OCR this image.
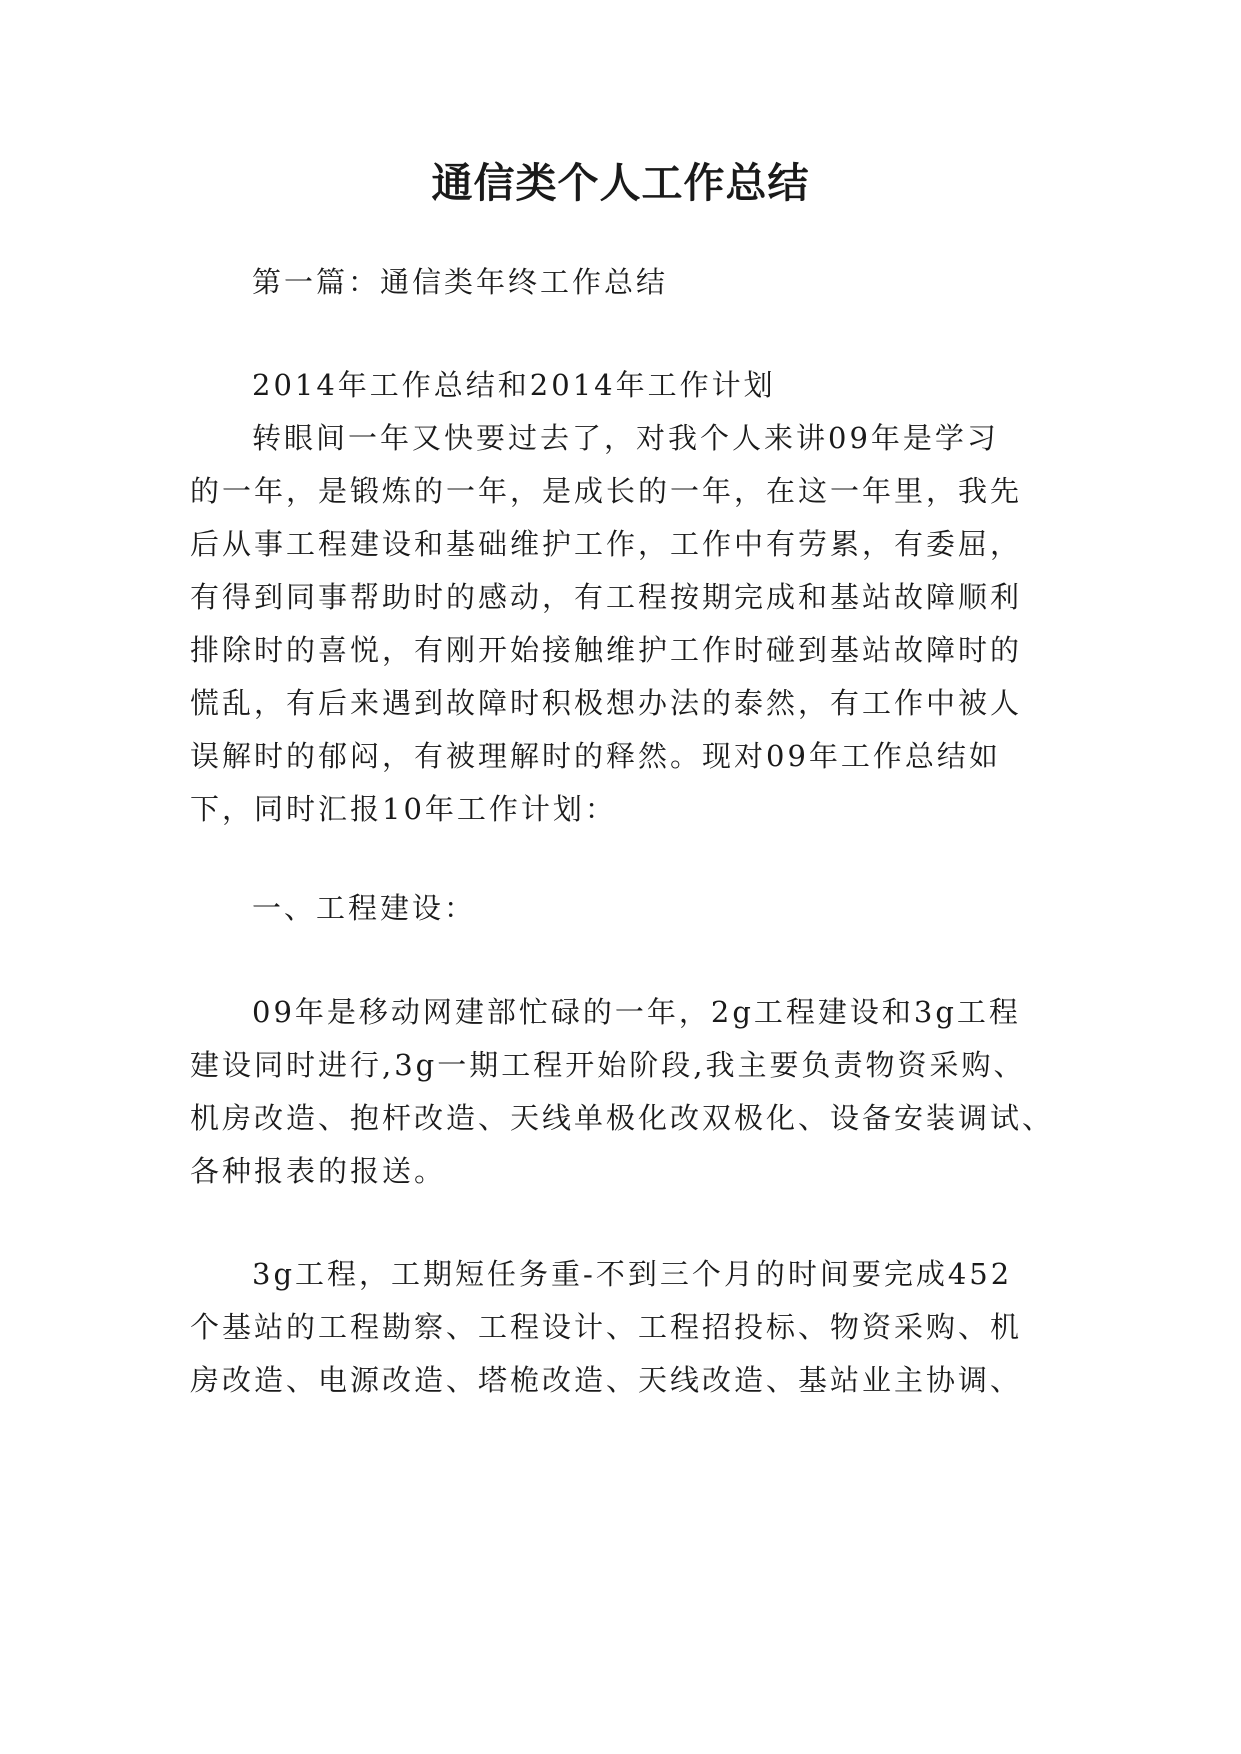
通信类个人工作总结

第一篇：通信类年终工作总结

2014年工作总结和2014年工作计划

转眼间一年又快要过去了，对我个人来讲09年是学习
的一年，是锻炼的一年，是成长的一年，在这一年里，我先
后从事工程建设和基础维护工作，工作中有劳累，有委屈，
有得到同事帮助时的感动，有工程按期完成和基站故障顺利
排除时的喜悦，有刚开始接触维护工作时碰到基站故障时的
慌乱，有后来遇到故障时积极想办法的泰然，有工作中被人
误解时的郁闷，有被理解时的释然。现对09年工作总结如
下，同时汇报10年工作计划：

一、工程建设：

09年是移动网建部忙碌的一年，2g工程建设和3g工程
建设同时进行,3g一期工程开始阶段,我主要负责物资采购、
机房改造、抱杆改造、天线单极化改双极化、设备安装调试、
各种报表的报送。
3g工程，工期短任务重-不到三个月的时间要完成452
个基站的工程勘察、工程设计、工程招投标、物资采购、机
房改造、电源改造、塔桅改造、天线改造、基站业主协调、
